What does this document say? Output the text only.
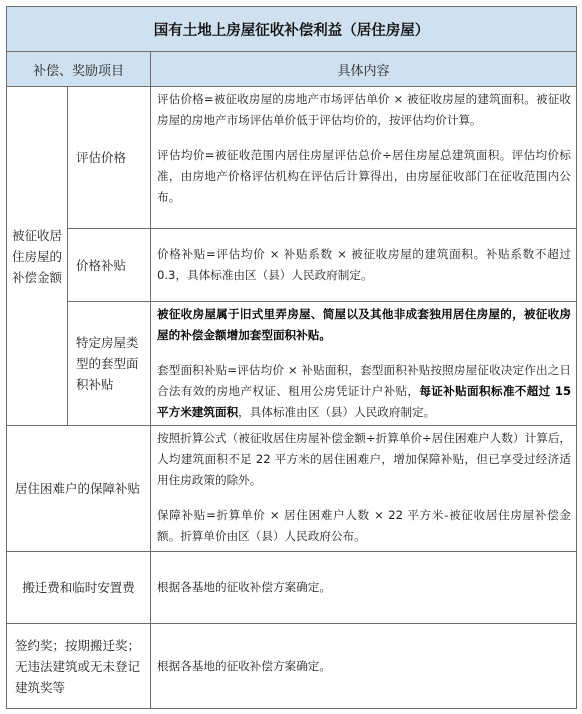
国有土地上房屋征收补偿利益（居住房屋）		
补偿、奖励项目		具体内容
被征收居住房屋的补偿金额	评估价格	评估价格=被征收房屋的房地产市场评估单价 × 被征收房屋的建筑面积。被征收房屋的房地产市场评估单价低于评估均价的，按评估均价计算。

评估均价=被征收范围内居住房屋评估总价÷居住房屋总建筑面积。评估均价标准，由房地产价格评估机构在评估后计算得出，由房屋征收部门在征收范围内公布。

	价格补贴	价格补贴=评估均价 × 补贴系数 × 被征收房屋的建筑面积。补贴系数不超过 0.3，具体标准由区（县）人民政府制定。

	特定房屋类型的套型面积补贴	被征收房屋属于旧式里弄房屋、简屋以及其他非成套独用居住房屋的，被征收房屋的补偿金额增加套型面积补贴。

套型面积补贴=评估均价 × 补贴面积，套型面积补贴按照房屋征收决定作出之日合法有效的房地产权证、租用公房凭证计户补贴，每证补贴面积标准不超过 15 平方米建筑面积，具体标准由区（县）人民政府制定。

居住困难户的保障补贴		按照折算公式（被征收居住房屋补偿金额÷折算单价÷居住困难户人数）计算后，人均建筑面积不足 22 平方米的居住困难户，增加保障补贴，但已享受过经济适用住房政策的除外。

保障补贴=折算单价 × 居住困难户人数 × 22 平方米-被征收居住房屋补偿金额。折算单价由区（县）人民政府公布。

搬迁费和临时安置费		根据各基地的征收补偿方案确定。
签约奖；按期搬迁奖；无违法建筑或无未登记建筑奖等		根据各基地的征收补偿方案确定。
